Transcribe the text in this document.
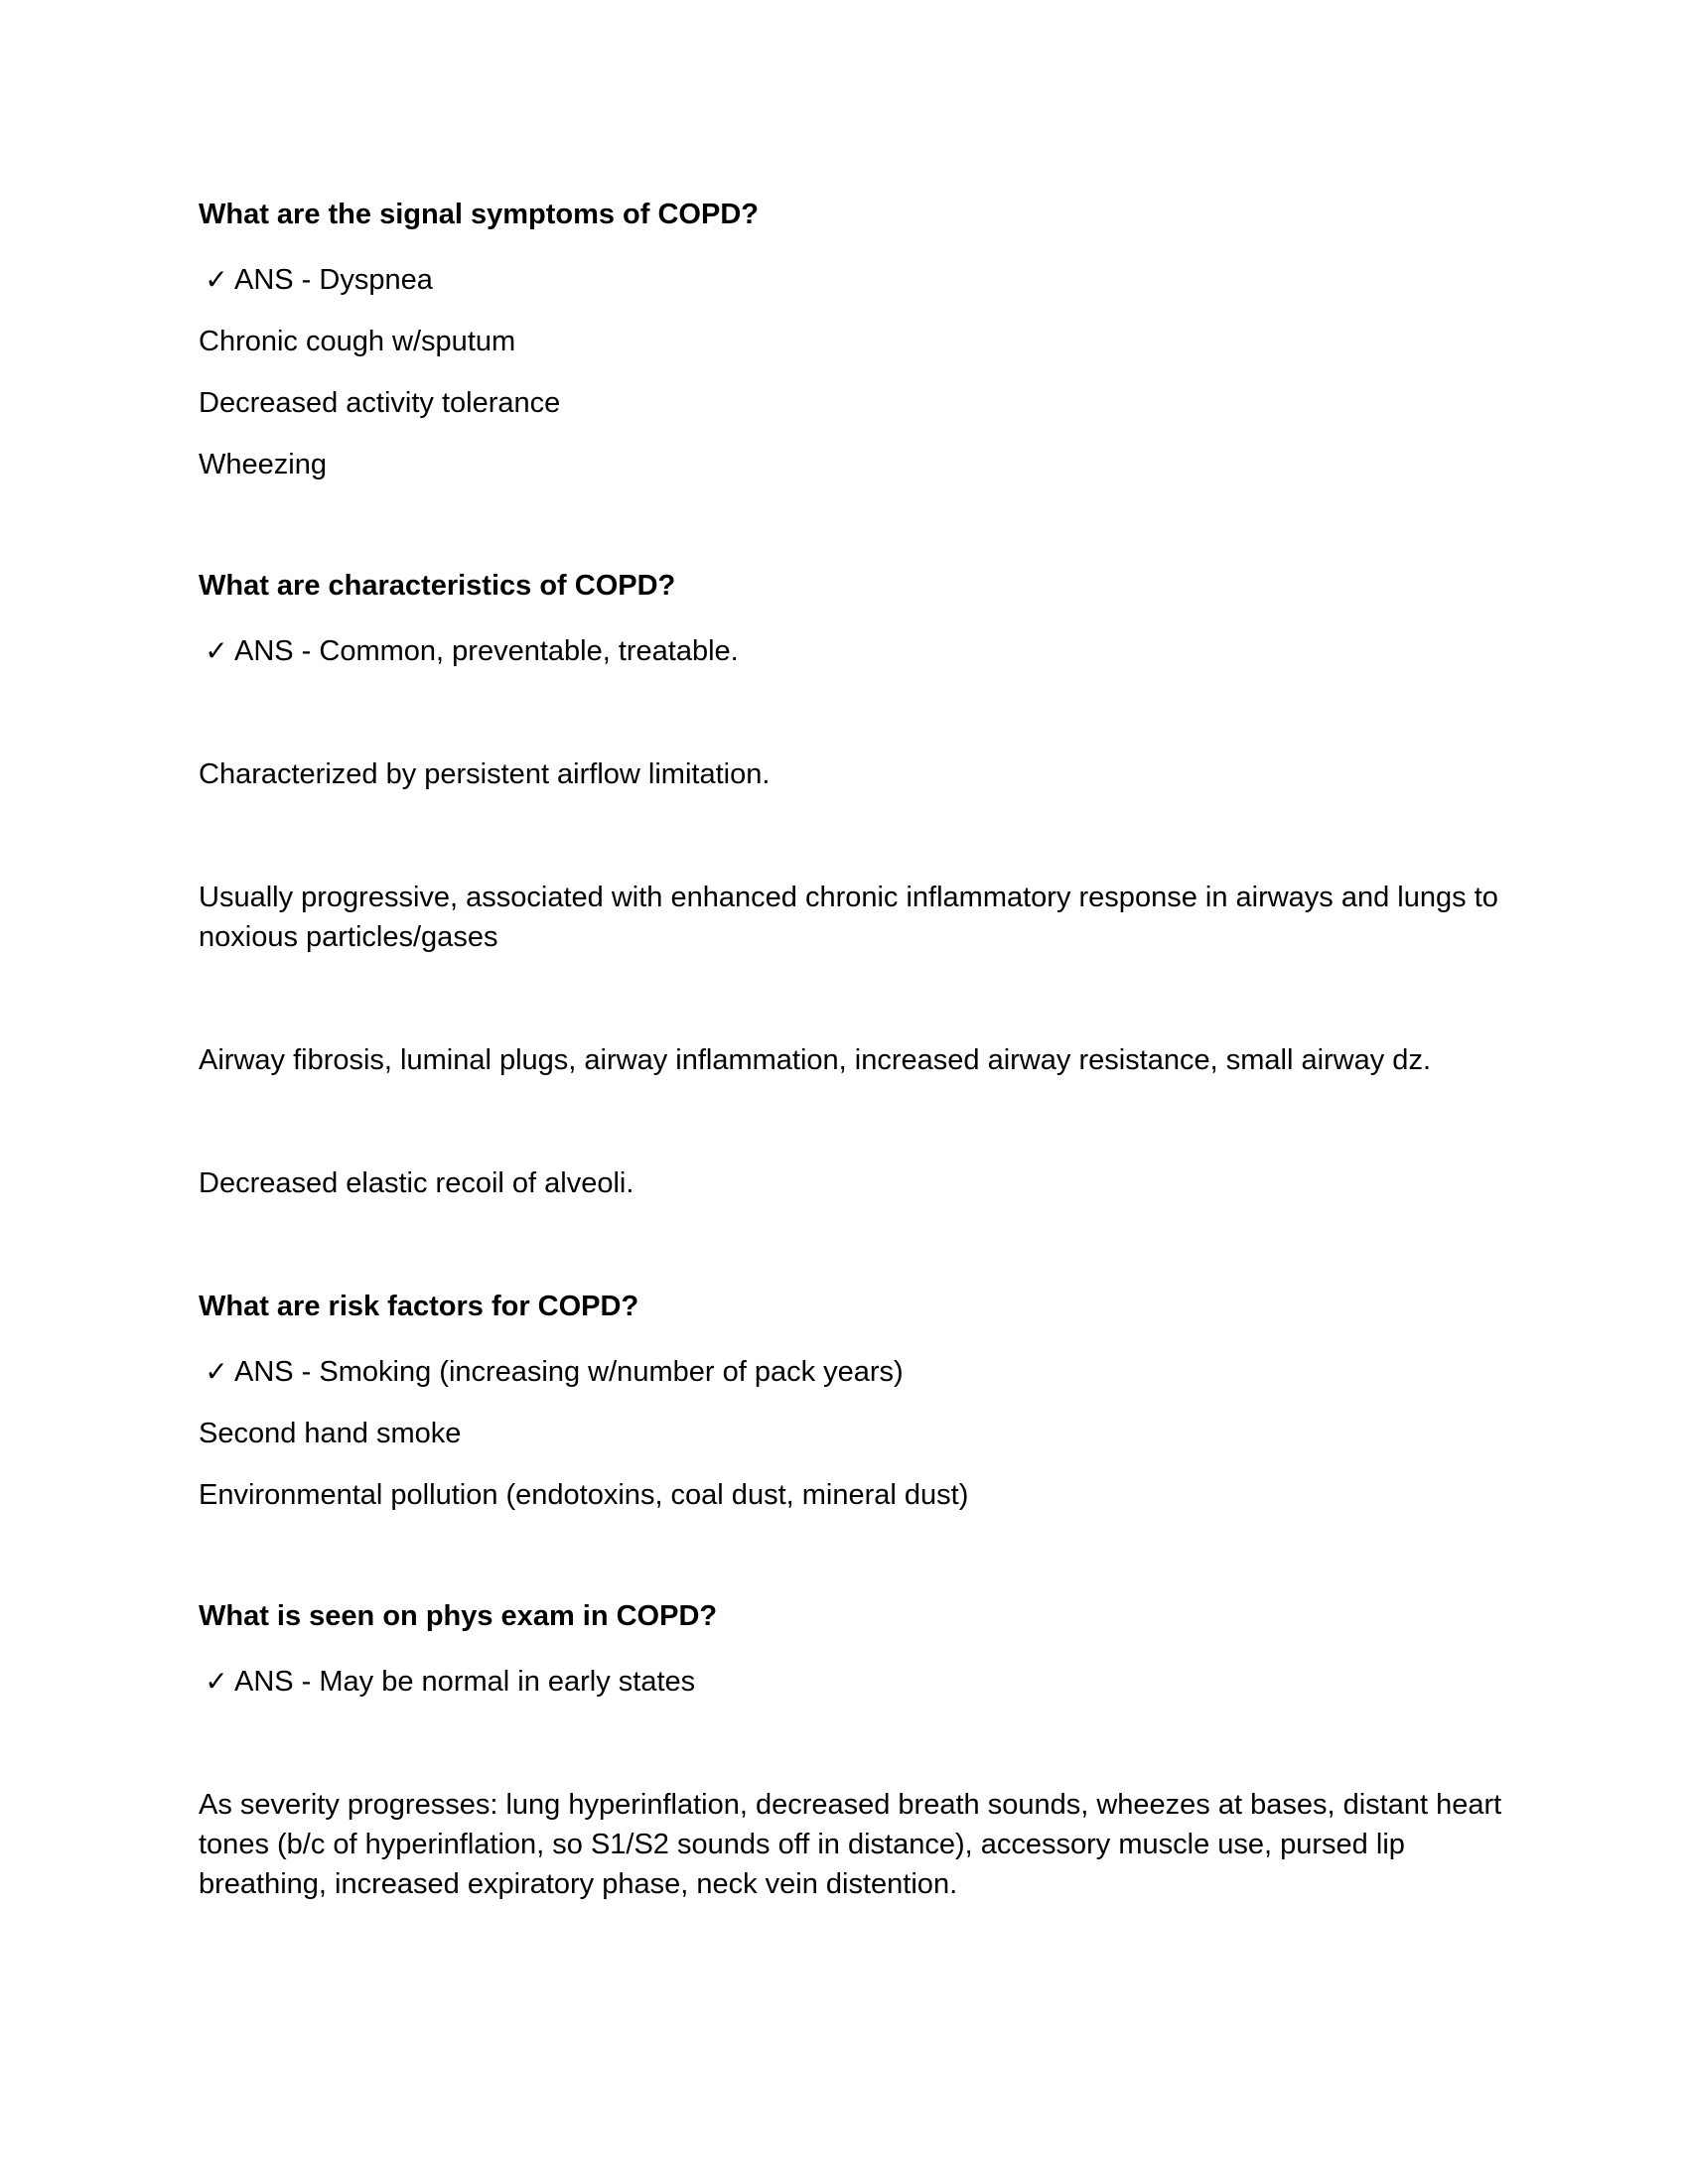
What are the signal symptoms of COPD?
✓ ANS - Dyspnea
Chronic cough w/sputum
Decreased activity tolerance
Wheezing
What are characteristics of COPD?
✓ ANS - Common, preventable, treatable.
Characterized by persistent airflow limitation.
Usually progressive, associated with enhanced chronic inflammatory response in airways and lungs to noxious particles/gases
Airway fibrosis, luminal plugs, airway inflammation, increased airway resistance, small airway dz.
Decreased elastic recoil of alveoli.
What are risk factors for COPD?
✓ ANS - Smoking (increasing w/number of pack years)
Second hand smoke
Environmental pollution (endotoxins, coal dust, mineral dust)
What is seen on phys exam in COPD?
✓ ANS - May be normal in early states
As severity progresses: lung hyperinflation, decreased breath sounds, wheezes at bases, distant heart tones (b/c of hyperinflation, so S1/S2 sounds off in distance), accessory muscle use, pursed lip breathing, increased expiratory phase, neck vein distention.
